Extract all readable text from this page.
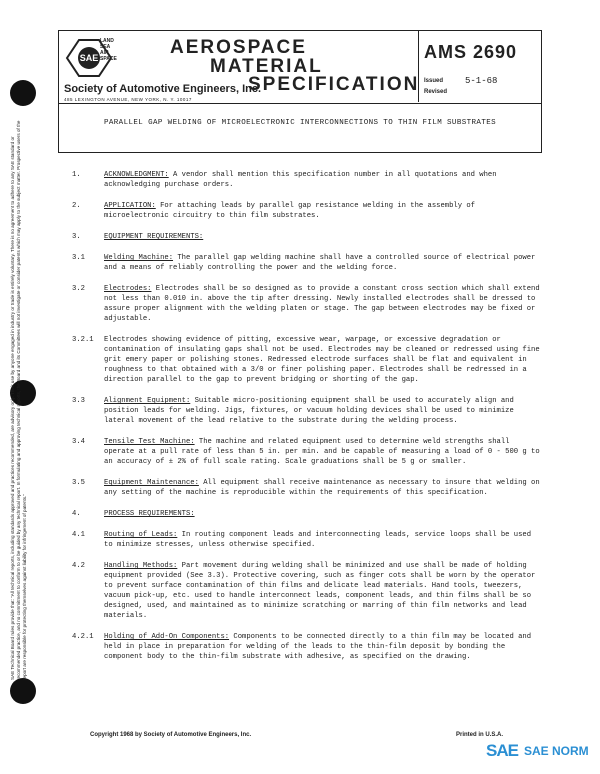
SAE
LAND
SEA
AIR
SPACE
AEROSPACE
MATERIAL
SPECIFICATION
Society of Automotive Engineers, Inc.
485 LEXINGTON AVENUE, NEW YORK, N. Y. 10017
AMS 2690
Issued 5-1-68
Revised
PARALLEL GAP WELDING OF MICROELECTRONIC INTERCONNECTIONS TO THIN FILM SUBSTRATES
1.	ACKNOWLEDGMENT: A vendor shall mention this specification number in all quotations and when acknowledging purchase orders.
2.	APPLICATION: For attaching leads by parallel gap resistance welding in the assembly of microelectronic circuitry to thin film substrates.
3.	EQUIPMENT REQUIREMENTS:
3.1	Welding Machine: The parallel gap welding machine shall have a controlled source of electrical power and a means of reliably controlling the power and the welding force.
3.2	Electrodes: Electrodes shall be so designed as to provide a constant cross section which shall extend not less than 0.010 in. above the tip after dressing. Newly installed electrodes shall be dressed to assure proper alignment with the welding platen or stage. The gap between electrodes may be fixed or adjustable.
3.2.1	Electrodes showing evidence of pitting, excessive wear, warpage, or excessive degradation or contamination of insulating gaps shall not be used. Electrodes may be cleaned or redressed using fine grit emery paper or polishing stones. Redressed electrode surfaces shall be flat and equivalent in roughness to that obtained with a 3/0 or finer polishing paper. Electrodes shall be redressed in a direction parallel to the gap to prevent bridging or shorting of the gap.
3.3	Alignment Equipment: Suitable micro-positioning equipment shall be used to accurately align and position leads for welding. Jigs, fixtures, or vacuum holding devices shall be used to minimize lateral movement of the lead relative to the substrate during the welding process.
3.4	Tensile Test Machine: The machine and related equipment used to determine weld strengths shall operate at a pull rate of less than 5 in. per min. and be capable of measuring a load of 0 - 500 g to an accuracy of ± 2% of full scale rating. Scale graduations shall be 5 g or smaller.
3.5	Equipment Maintenance: All equipment shall receive maintenance as necessary to insure that welding on any setting of the machine is reproducible within the requirements of this specification.
4.	PROCESS REQUIREMENTS:
4.1	Routing of Leads: In routing component leads and interconnecting leads, service loops shall be used to minimize stresses, unless otherwise specified.
4.2	Handling Methods: Part movement during welding shall be minimized and use shall be made of holding equipment provided (See 3.3). Protective covering, such as finger cots shall be worn by the operator to prevent surface contamination of thin films and delicate lead materials. Hand tools, tweezers, vacuum pick-up, etc. used to handle interconnect leads, component leads, and thin films shall be so designed, used, and maintained as to minimize scratching or marring of thin film networks and lead materials.
4.2.1	Holding of Add-On Components: Components to be connected directly to a thin film may be located and held in place in preparation for welding of the leads to the thin-film deposit by bonding the component body to the thin-film substrate with adhesive, as specified on the drawing.
SAE Technical Board rules provide that: "All technical reports, including standards approved and practices recommended, are advisory only. Their use by anyone engaged in industry or trade is entirely voluntary. There is no agreement to adhere to any SAE standard or recommended practice, and no commitment to conform to or be guided by any technical report. In formulating and approving technical reports, the Board and its Committees will not investigate or consider patents which may apply to the subject matter. Prospective users of the report are responsible for protecting themselves against liability for infringement of patents."
Copyright 1968 by Society of Automotive Engineers, Inc.	Printed in U.S.A.
SAE SAE NORM
